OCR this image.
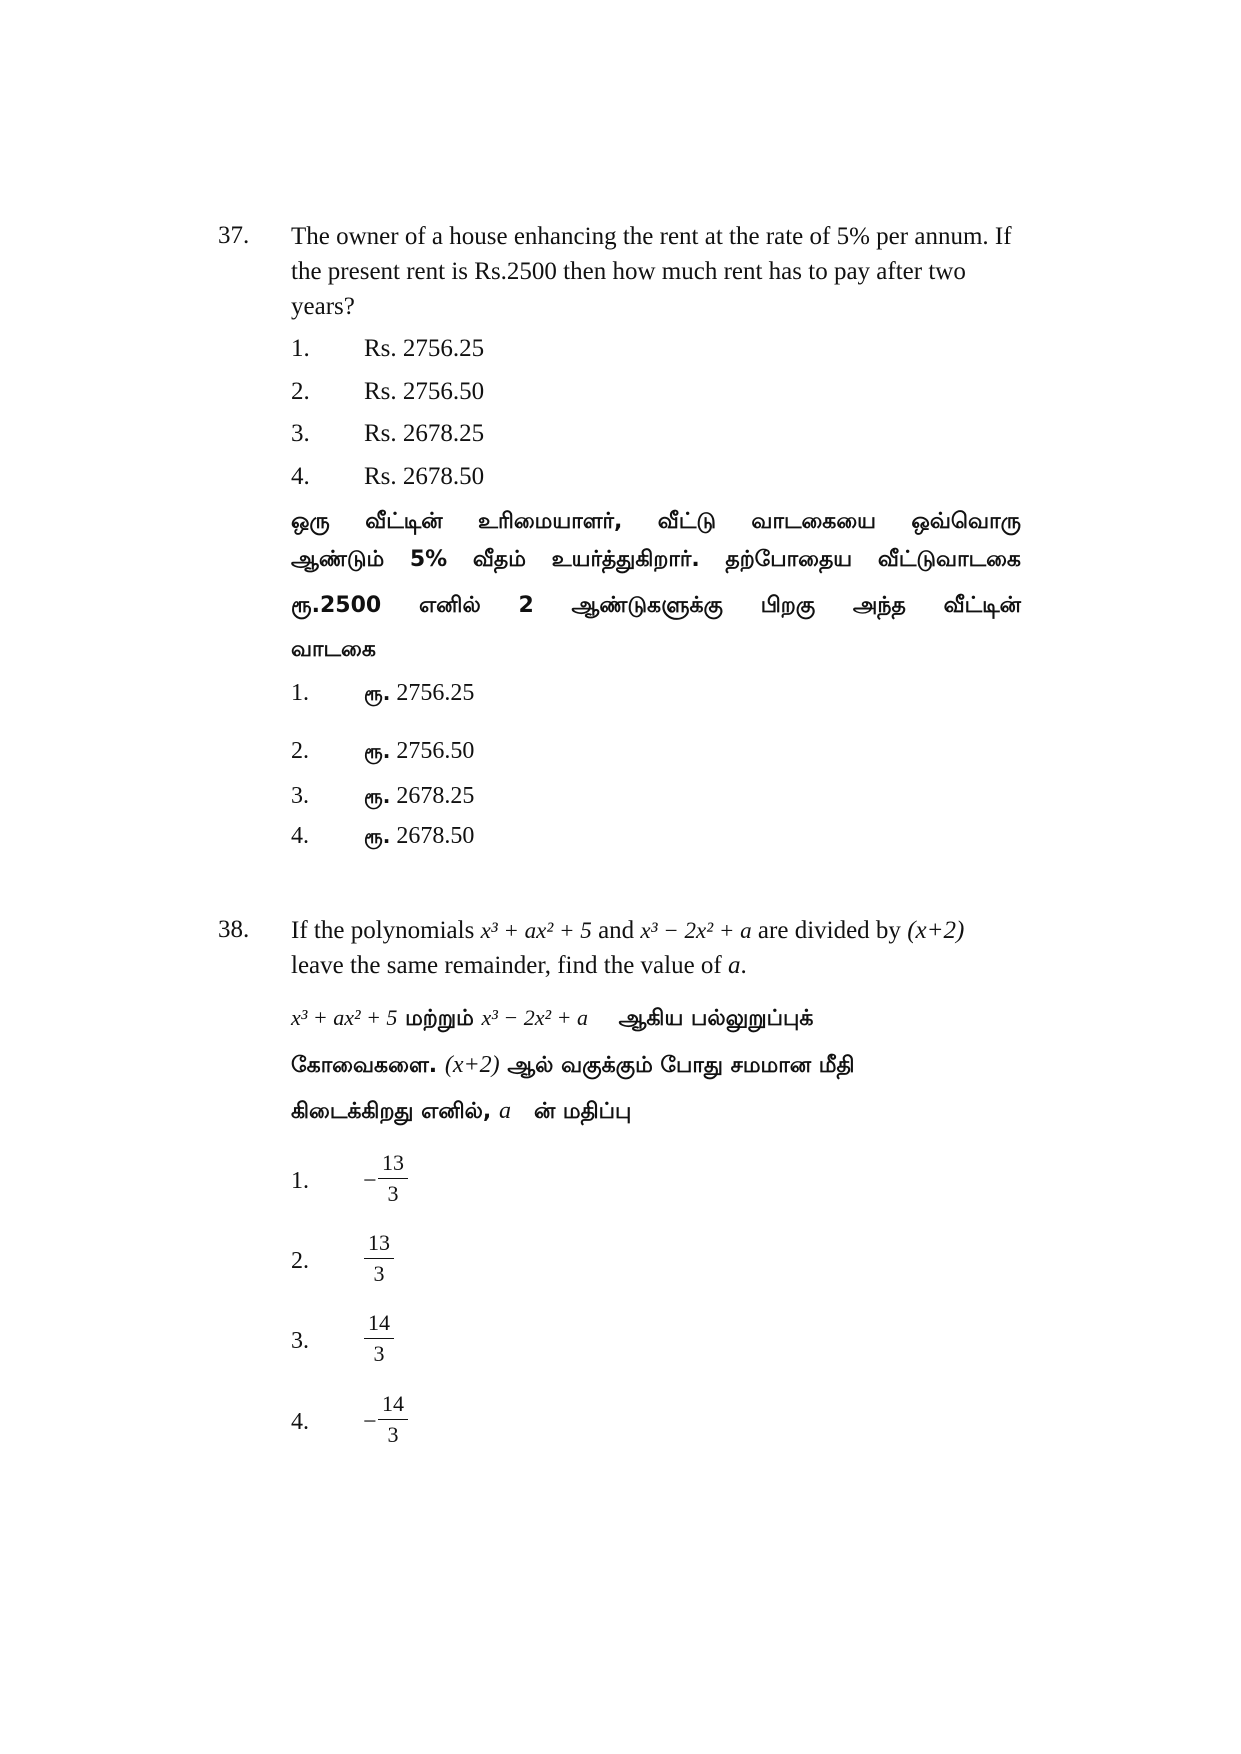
37. The owner of a house enhancing the rent at the rate of 5% per annum. If the present rent is Rs.2500 then how much rent has to pay after two years?
1. Rs. 2756.25
2. Rs. 2756.50
3. Rs. 2678.25
4. Rs. 2678.50
ஒரு வீட்டின் உரிமையாளர், வீட்டு வாடகையை ஒவ்வொரு
ஆண்டும் 5% வீதம் உயர்த்துகிறார். தற்போதைய வீட்டுவாடகை
ரூ.2500 எனில் 2 ஆண்டுகளுக்கு பிறகு அந்த வீட்டின்
வாடகை
1.	ரூ. 2756.25
2.	ரூ. 2756.50
3.	ரூ. 2678.25
4.	ரூ. 2678.50
38. If the polynomials x³ + ax² + 5 and x³ − 2x² + a are divided by (x+2) leave the same remainder, find the value of a.
x³ + ax² + 5 மற்றும் x³ − 2x² + a ஆகிய பல்லுறுப்புக்
கோவைகளை. (x+2) ஆல் வகுக்கும் போது சமமான மீதி
கிடைக்கிறது எனில், a ன் மதிப்பு
1.	−
13
3
2.
13
3
3.
14
3
4.	−
14
3
